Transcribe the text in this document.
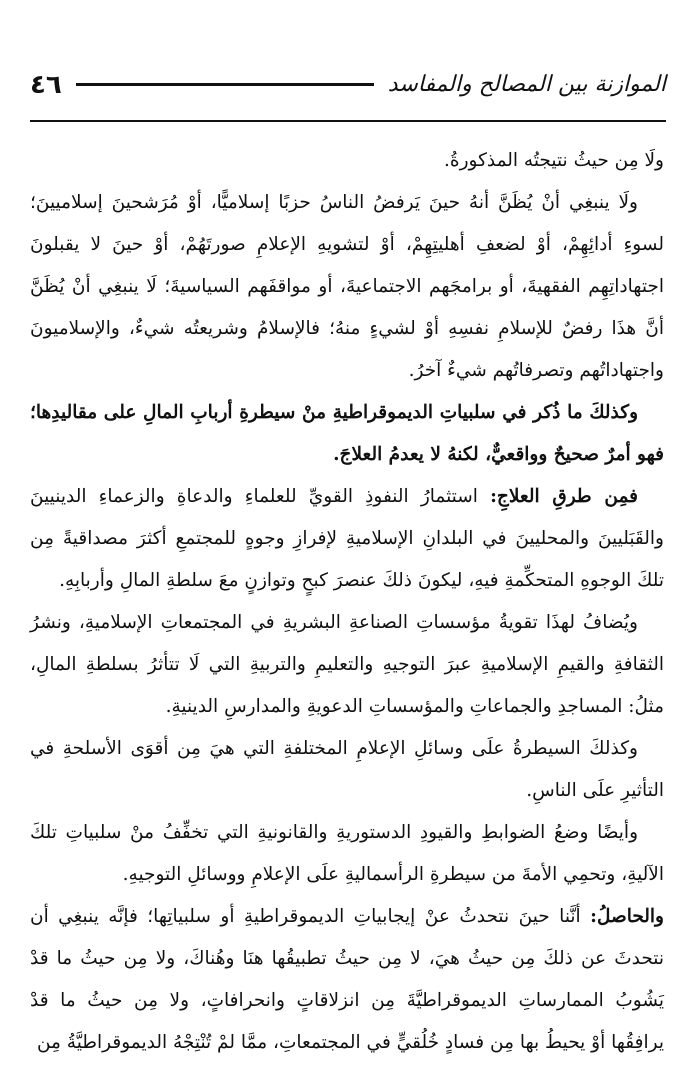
٤٦	الموازنة بين المصالح والمفاسد

ولَا مِن حيثُ نتيجتُه المذكورةُ.

ولَا ينبغِي أنْ يُظَنَّ أنهُ حينَ يَرفضُ الناسُ حزبًا إسلاميًّا، أوْ مُرَشحينَ إسلاميينَ؛ لسوءِ أدائِهِمْ، أوْ لضعفِ أهليتِهِمْ، أوْ لتشويهِ الإعلامِ صورتَهُمْ، أوْ حينَ لا يقبلونَ اجتهاداتِهِم الفقهيةَ، أو برامجَهم الاجتماعيةَ، أو مواقفَهم السياسيةَ؛ لَا ينبغِي أنْ يُظَنَّ أنَّ هذَا رفضٌ للإسلامِ نفسِهِ أوْ لشيءٍ منهُ؛ فالإسلامُ وشريعتُه شيءٌ، والإسلاميونَ واجتهاداتُهم وتصرفاتُهم شيءٌ آخرُ.

وكذلكَ ما ذُكر في سلبياتِ الديموقراطيةِ منْ سيطرةِ أربابِ المالِ على مقاليدِها؛ فهو أمرٌ صحيحٌ وواقعيٌّ، لكنهُ لا يعدمُ العلاجَ.

فمِن طرقِ العلاجِ: استثمارُ النفوذِ القويِّ للعلماءِ والدعاةِ والزعماءِ الدينيينَ والقَبَليينَ والمحليينَ في البلدانِ الإسلاميةِ لإفرازِ وجوهٍ للمجتمعِ أكثرَ مصداقيةً مِن تلكَ الوجوهِ المتحكِّمةِ فيهِ، ليكونَ ذلكَ عنصرَ كبحٍ وتوازنٍ معَ سلطةِ المالِ وأربابِهِ.

ويُضافُ لهذَا تقويةُ مؤسساتِ الصناعةِ البشريةِ في المجتمعاتِ الإسلاميةِ، ونشرُ الثقافةِ والقيمِ الإسلاميةِ عبرَ التوجيهِ والتعليمِ والتربيةِ التي لَا تتأثرُ بسلطةِ المالِ، مثلُ: المساجدِ والجماعاتِ والمؤسساتِ الدعويةِ والمدارسِ الدينيةِ.

وكذلكَ السيطرةُ علَى وسائلِ الإعلامِ المختلفةِ التي هيَ مِن أقوَى الأسلحةِ في التأثيرِ علَى الناسِ.

وأيضًا وضعُ الضوابطِ والقيودِ الدستوريةِ والقانونيةِ التي تخفِّفُ منْ سلبياتِ تلكَ الآليةِ، وتحمِي الأمةَ من سيطرةِ الرأسماليةِ علَى الإعلامِ ووسائلِ التوجيهِ.

والحاصلُ: أنَّنا حينَ نتحدثُ عنْ إيجابياتِ الديموقراطيةِ أو سلبياتِها؛ فإنَّه ينبغِي أن نتحدثَ عن ذلكَ مِن حيثُ هيَ، لا مِن حيثُ تطبيقُها هنَا وهُناكَ، ولا مِن حيثُ ما قدْ يَشُوبُ الممارساتِ الديموقراطيَّةَ مِن انزلاقاتٍ وانحرافاتٍ، ولا مِن حيثُ ما قدْ يرافِقُها أوْ يحيطُ بها مِن فسادٍ خُلُقيٍّ في المجتمعاتِ، ممَّا لمْ تُنْتِجْهُ الديموقراطيَّةُ مِن
